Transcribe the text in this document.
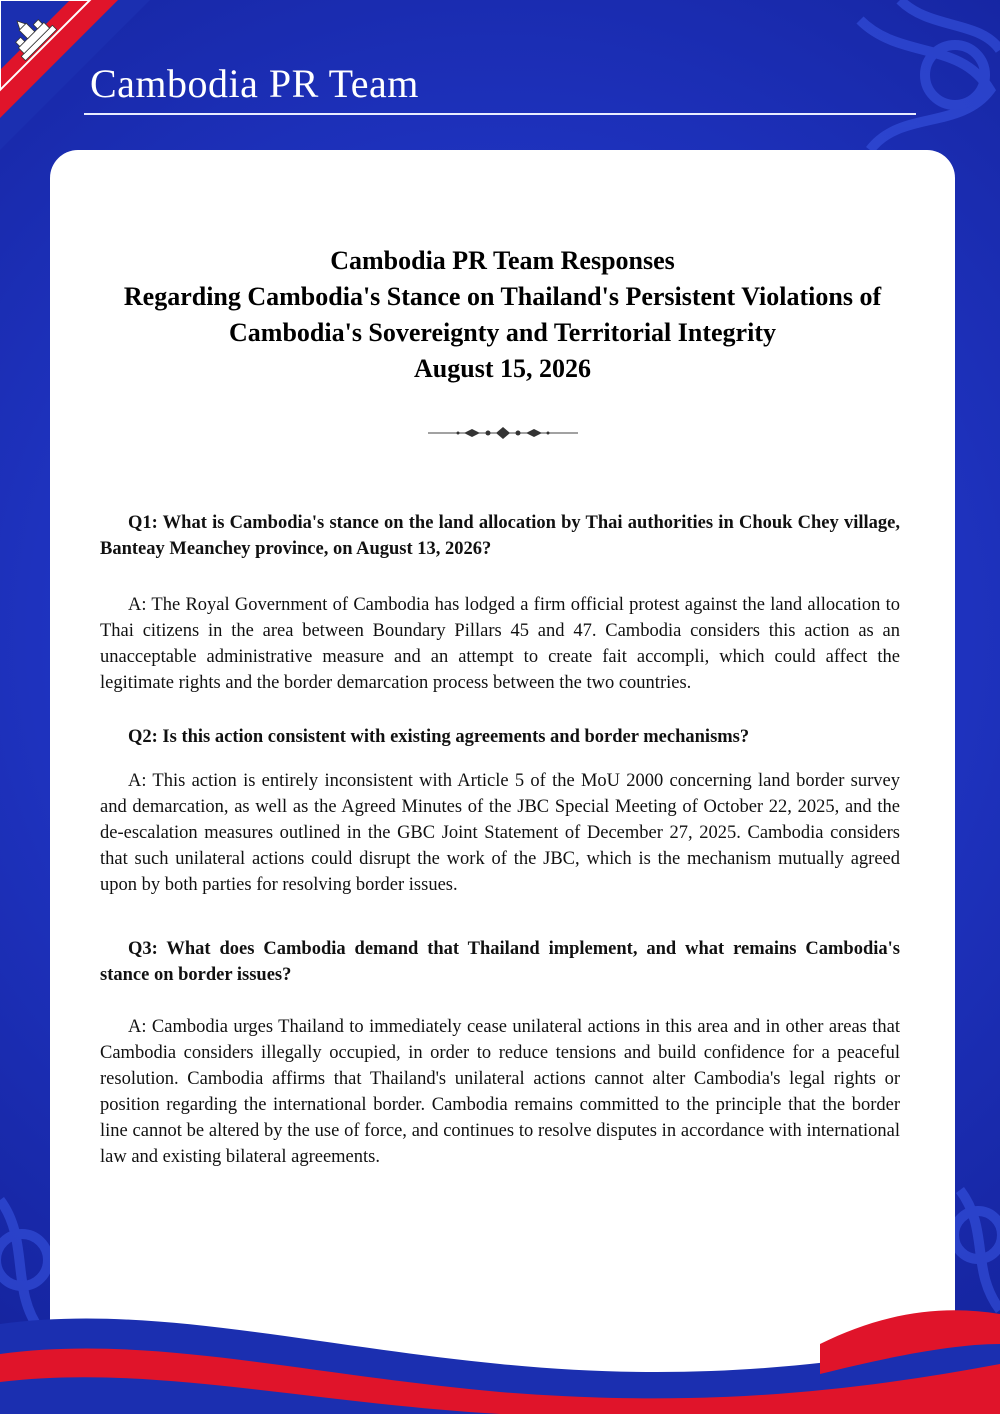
Cambodia PR Team
Cambodia PR Team Responses
Regarding Cambodia's Stance on Thailand's Persistent Violations of
Cambodia's Sovereignty and Territorial Integrity
August 15, 2026
Q1: What is Cambodia's stance on the land allocation by Thai authorities in Chouk Chey village, Banteay Meanchey province, on August 13, 2026?
A: The Royal Government of Cambodia has lodged a firm official protest against the land allocation to Thai citizens in the area between Boundary Pillars 45 and 47. Cambodia considers this action as an unacceptable administrative measure and an attempt to create fait accompli, which could affect the legitimate rights and the border demarcation process between the two countries.
Q2: Is this action consistent with existing agreements and border mechanisms?
A: This action is entirely inconsistent with Article 5 of the MoU 2000 concerning land border survey and demarcation, as well as the Agreed Minutes of the JBC Special Meeting of October 22, 2025, and the de-escalation measures outlined in the GBC Joint Statement of December 27, 2025. Cambodia considers that such unilateral actions could disrupt the work of the JBC, which is the mechanism mutually agreed upon by both parties for resolving border issues.
Q3: What does Cambodia demand that Thailand implement, and what remains Cambodia's stance on border issues?
A: Cambodia urges Thailand to immediately cease unilateral actions in this area and in other areas that Cambodia considers illegally occupied, in order to reduce tensions and build confidence for a peaceful resolution. Cambodia affirms that Thailand's unilateral actions cannot alter Cambodia's legal rights or position regarding the international border. Cambodia remains committed to the principle that the border line cannot be altered by the use of force, and continues to resolve disputes in accordance with international law and existing bilateral agreements.
